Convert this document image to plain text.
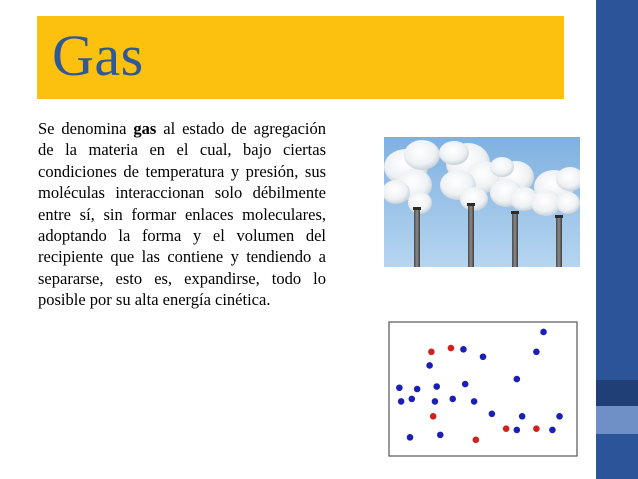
Gas
Se denomina gas al estado de agregación de la materia en el cual, bajo ciertas condiciones de temperatura y presión, sus moléculas interaccionan solo débilmente entre sí, sin formar enlaces moleculares, adoptando la forma y el volumen del recipiente que las contiene y tendiendo a separarse, esto es, expandirse, todo lo posible por su alta energía cinética.
